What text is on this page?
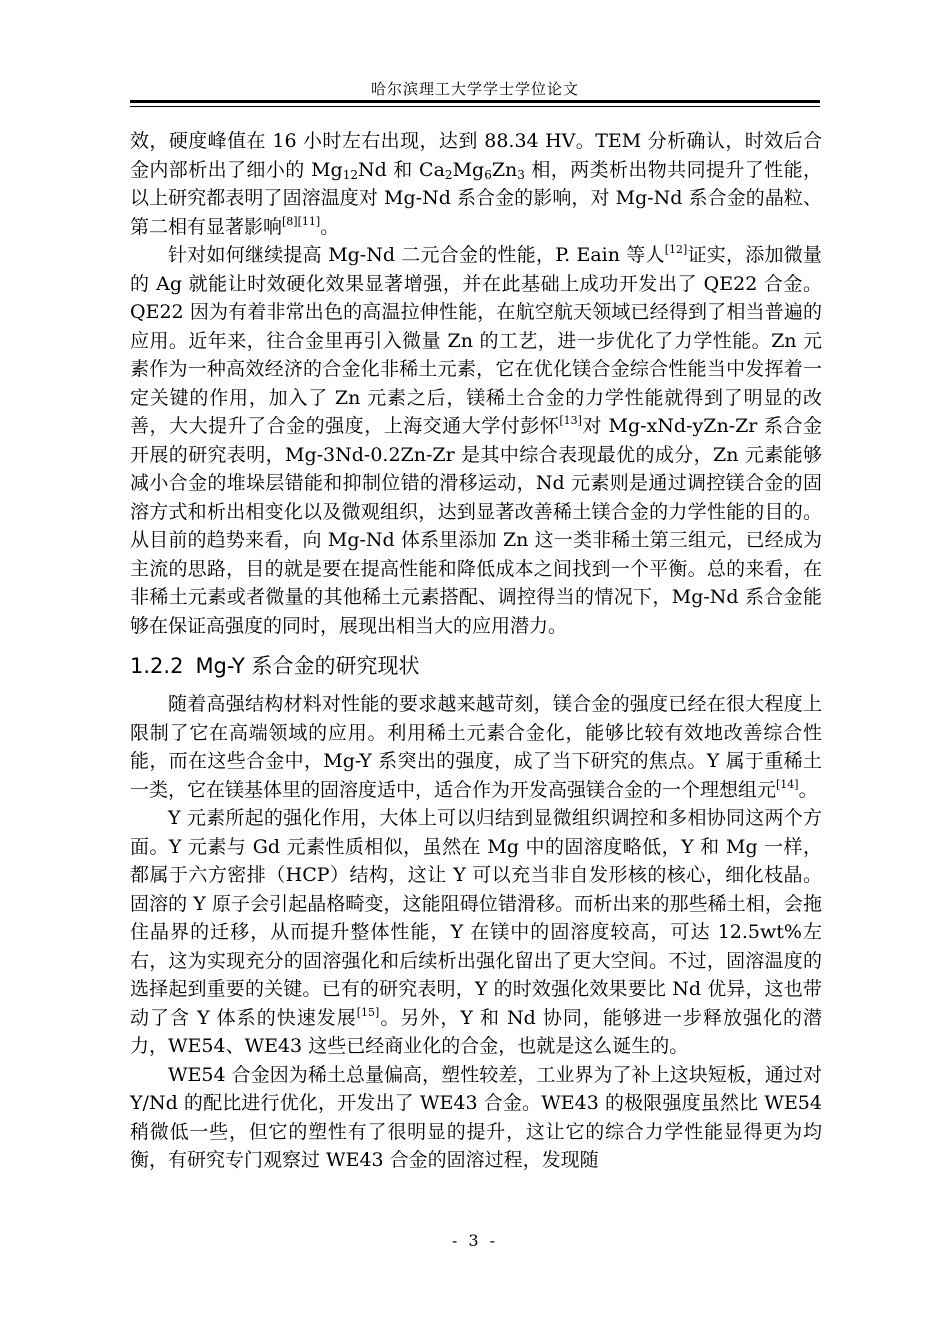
哈尔滨理工大学学士学位论文

效，硬度峰值在 16 小时左右出现，达到 88.34 HV。TEM 分析确认，时效后合金内部析出了细小的 $Mg_{12}Nd$ 和 $Ca_2Mg_6Zn_3$ 相，两类析出物共同提升了性能，以上研究都表明了固溶温度对 Mg-Nd 系合金的影响，对 Mg-Nd 系合金的晶粒、第二相有显著影响[8][11]。

针对如何继续提高 Mg-Nd 二元合金的性能，P. Eain 等人[12]证实，添加微量的 Ag 就能让时效硬化效果显著增强，并在此基础上成功开发出了 QE22 合金。QE22 因为有着非常出色的高温拉伸性能，在航空航天领域已经得到了相当普遍的应用。近年来，往合金里再引入微量 Zn 的工艺，进一步优化了力学性能。Zn 元素作为一种高效经济的合金化非稀土元素，它在优化镁合金综合性能当中发挥着一定关键的作用，加入了 Zn 元素之后，镁稀土合金的力学性能就得到了明显的改善，大大提升了合金的强度，上海交通大学付彭怀[13]对 Mg-xNd-yZn-Zr 系合金开展的研究表明，Mg-3Nd-0.2Zn-Zr 是其中综合表现最优的成分，Zn 元素能够减小合金的堆垛层错能和抑制位错的滑移运动，Nd 元素则是通过调控镁合金的固溶方式和析出相变化以及微观组织，达到显著改善稀土镁合金的力学性能的目的。从目前的趋势来看，向 Mg-Nd 体系里添加 Zn 这一类非稀土第三组元，已经成为主流的思路，目的就是要在提高性能和降低成本之间找到一个平衡。总的来看，在非稀土元素或者微量的其他稀土元素搭配、调控得当的情况下，Mg-Nd 系合金能够在保证高强度的同时，展现出相当大的应用潜力。

1.2.2 Mg-Y 系合金的研究现状

随着高强结构材料对性能的要求越来越苛刻，镁合金的强度已经在很大程度上限制了它在高端领域的应用。利用稀土元素合金化，能够比较有效地改善综合性能，而在这些合金中，Mg-Y 系突出的强度，成了当下研究的焦点。Y 属于重稀土一类，它在镁基体里的固溶度适中，适合作为开发高强镁合金的一个理想组元[14]。

Y 元素所起的强化作用，大体上可以归结到显微组织调控和多相协同这两个方面。Y 元素与 Gd 元素性质相似，虽然在 Mg 中的固溶度略低，Y 和 Mg 一样，都属于六方密排（HCP）结构，这让 Y 可以充当非自发形核的核心，细化枝晶。固溶的 Y 原子会引起晶格畸变，这能阻碍位错滑移。而析出来的那些稀土相，会拖住晶界的迁移，从而提升整体性能，Y 在镁中的固溶度较高，可达 12.5wt%左右，这为实现充分的固溶强化和后续析出强化留出了更大空间。不过，固溶温度的选择起到重要的关键。已有的研究表明，Y 的时效强化效果要比 Nd 优异，这也带动了含 Y 体系的快速发展[15]。另外，Y 和 Nd 协同，能够进一步释放强化的潜力，WE54、WE43 这些已经商业化的合金，也就是这么诞生的。

WE54 合金因为稀土总量偏高，塑性较差，工业界为了补上这块短板，通过对 Y/Nd 的配比进行优化，开发出了 WE43 合金。WE43 的极限强度虽然比 WE54 稍微低一些，但它的塑性有了很明显的提升，这让它的综合力学性能显得更为均衡，有研究专门观察过 WE43 合金的固溶过程，发现随

- 3 -
